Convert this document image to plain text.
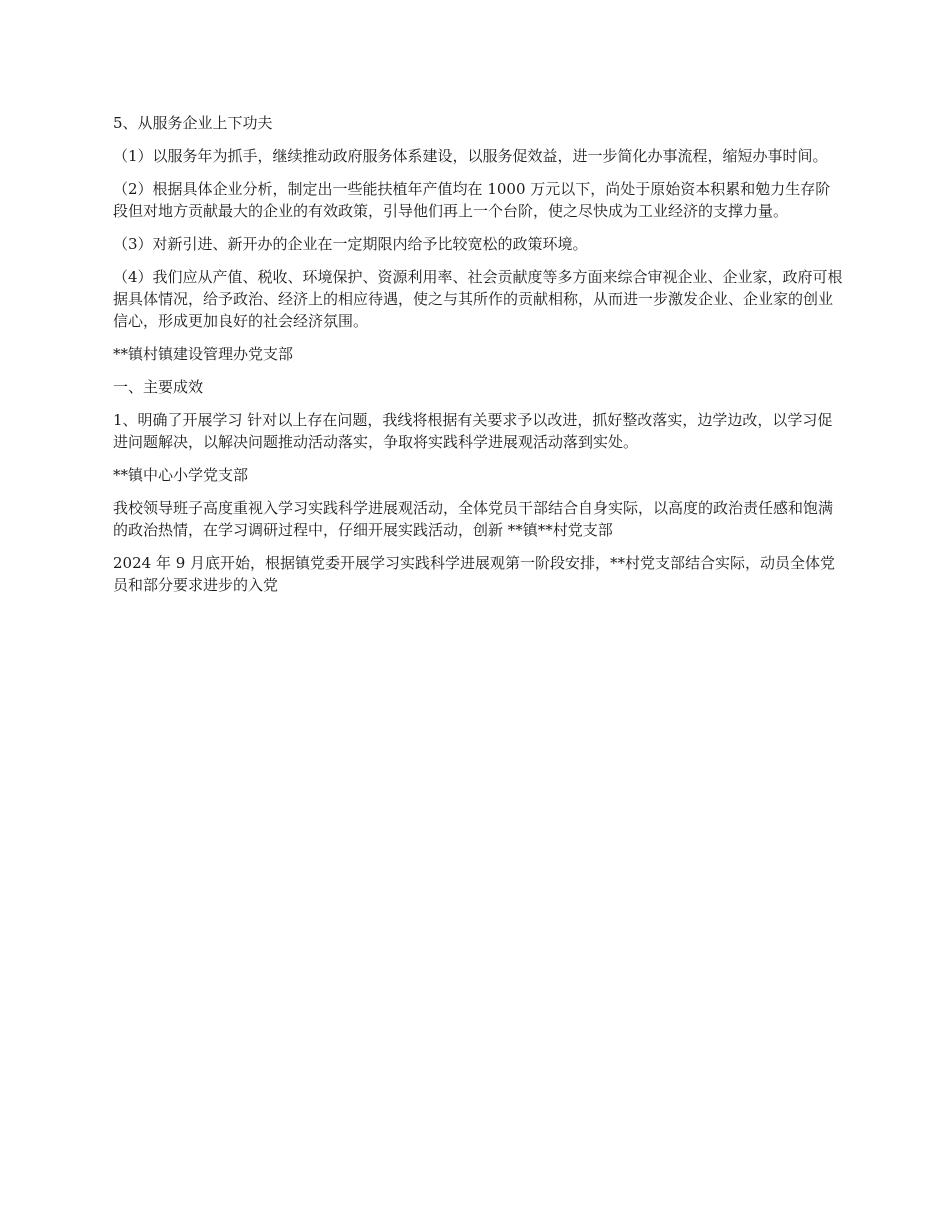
5、从服务企业上下功夫

（1）以服务年为抓手，继续推动政府服务体系建设，以服务促效益，进一步简化办事流程，缩短办事时间。

（2）根据具体企业分析，制定出一些能扶植年产值均在 1000 万元以下，尚处于原始资本积累和勉力生存阶段但对地方贡献最大的企业的有效政策，引导他们再上一个台阶，使之尽快成为工业经济的支撑力量。

（3）对新引进、新开办的企业在一定期限内给予比较宽松的政策环境。

（4）我们应从产值、税收、环境保护、资源利用率、社会贡献度等多方面来综合审视企业、企业家，政府可根据具体情况，给予政治、经济上的相应待遇，使之与其所作的贡献相称，从而进一步激发企业、企业家的创业信心，形成更加良好的社会经济氛围。

**镇村镇建设管理办党支部

一、主要成效

1、明确了开展学习 针对以上存在问题，我线将根据有关要求予以改进，抓好整改落实，边学边改，以学习促进问题解决，以解决问题推动活动落实，争取将实践科学进展观活动落到实处。

**镇中心小学党支部

我校领导班子高度重视入学习实践科学进展观活动，全体党员干部结合自身实际，以高度的政治责任感和饱满的政治热情，在学习调研过程中，仔细开展实践活动，创新 **镇**村党支部

2024 年 9 月底开始，根据镇党委开展学习实践科学进展观第一阶段安排，**村党支部结合实际，动员全体党员和部分要求进步的入党
